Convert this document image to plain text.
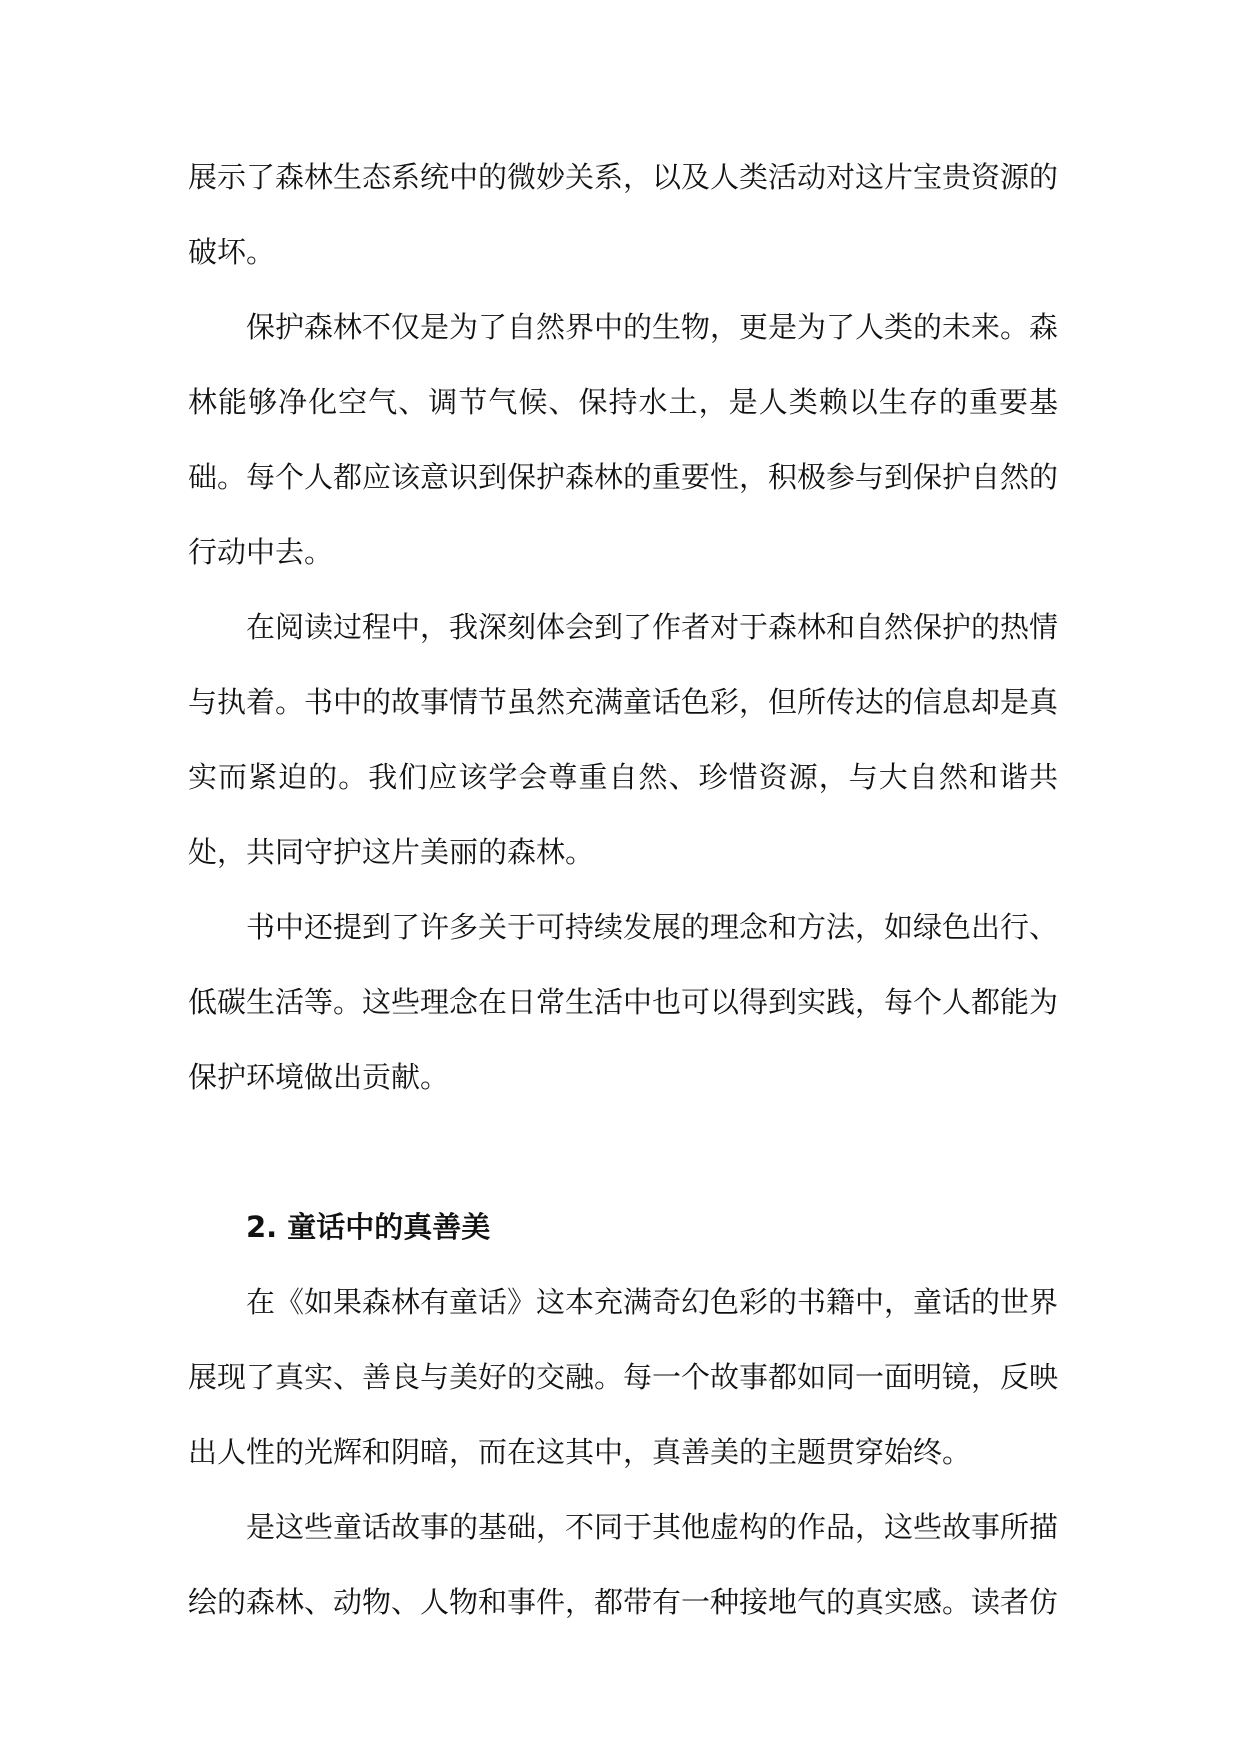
展示了森林生态系统中的微妙关系，以及人类活动对这片宝贵资源的破坏。

保护森林不仅是为了自然界中的生物，更是为了人类的未来。森林能够净化空气、调节气候、保持水土，是人类赖以生存的重要基础。每个人都应该意识到保护森林的重要性，积极参与到保护自然的行动中去。

在阅读过程中，我深刻体会到了作者对于森林和自然保护的热情与执着。书中的故事情节虽然充满童话色彩，但所传达的信息却是真实而紧迫的。我们应该学会尊重自然、珍惜资源，与大自然和谐共处，共同守护这片美丽的森林。

书中还提到了许多关于可持续发展的理念和方法，如绿色出行、低碳生活等。这些理念在日常生活中也可以得到实践，每个人都能为保护环境做出贡献。

2. 童话中的真善美

在《如果森林有童话》这本充满奇幻色彩的书籍中，童话的世界展现了真实、善良与美好的交融。每一个故事都如同一面明镜，反映出人性的光辉和阴暗，而在这其中，真善美的主题贯穿始终。

是这些童话故事的基础，不同于其他虚构的作品，这些故事所描绘的森林、动物、人物和事件，都带有一种接地气的真实感。读者仿
